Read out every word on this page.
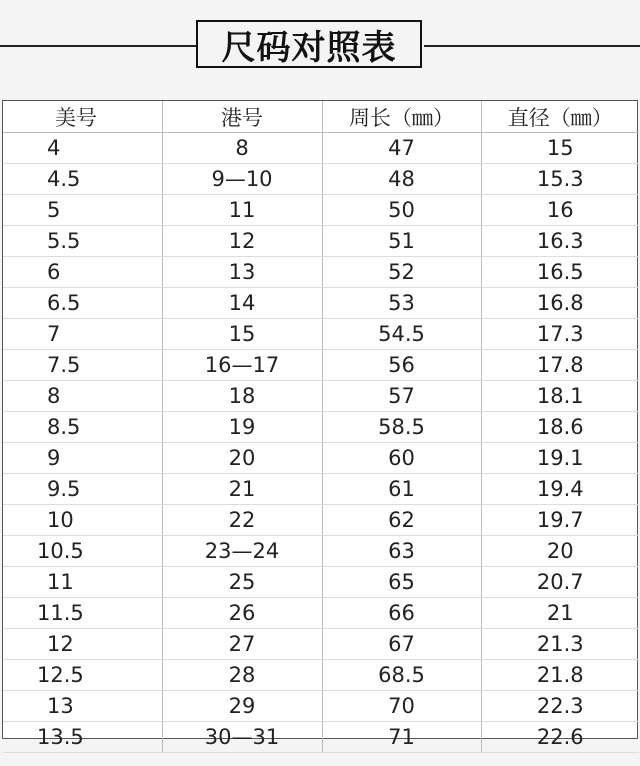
尺码对照表
美号	港号	周长（㎜）	直径（㎜）
4	8	47	15
4.5	9—10	48	15.3
5	11	50	16
5.5	12	51	16.3
6	13	52	16.5
6.5	14	53	16.8
7	15	54.5	17.3
7.5	16—17	56	17.8
8	18	57	18.1
8.5	19	58.5	18.6
9	20	60	19.1
9.5	21	61	19.4
10	22	62	19.7
10.5	23—24	63	20
11	25	65	20.7
11.5	26	66	21
12	27	67	21.3
12.5	28	68.5	21.8
13	29	70	22.3
13.5	30—31	71	22.6
